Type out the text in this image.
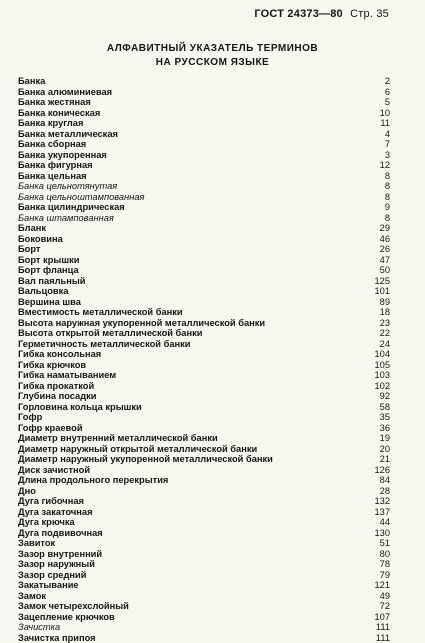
ГОСТ 24373—80 Стр. 35
АЛФАВИТНЫЙ УКАЗАТЕЛЬ ТЕРМИНОВ
НА РУССКОМ ЯЗЫКЕ
Банка	2
Банка алюминиевая	6
Банка жестяная	5
Банка коническая	10
Банка круглая	11
Банка металлическая	4
Банка сборная	7
Банка укупоренная	3
Банка фигурная	12
Банка цельная	8
Банка цельнотянутая	8
Банка цельноштампованная	8
Банка цилиндрическая	9
Банка штампованная	8
Бланк	29
Боковина	46
Борт	26
Борт крышки	47
Борт фланца	50
Вал паяльный	125
Вальцовка	101
Вершина шва	89
Вместимость металлической банки	18
Высота наружная укупоренной металлической банки	23
Высота открытой металлической банки	22
Герметичность металлической банки	24
Гибка консольная	104
Гибка крючков	105
Гибка наматыванием	103
Гибка прокаткой	102
Глубина посадки	92
Горловина кольца крышки	58
Гофр	35
Гофр краевой	36
Диаметр внутренний металлической банки	19
Диаметр наружный открытой металлической банки	20
Диаметр наружный укупоренной металлической банки	21
Диск зачистной	126
Длина продольного перекрытия	84
Дно	28
Дуга гибочная	132
Дуга закаточная	137
Дуга крючка	44
Дуга подвивочная	130
Завиток	51
Зазор внутренний	80
Зазор наружный	78
Зазор средний	79
Закатывание	121
Замок	49
Замок четырехслойный	72
Зацепление крючков	107
Зачистка	111
Зачистка припоя	111
